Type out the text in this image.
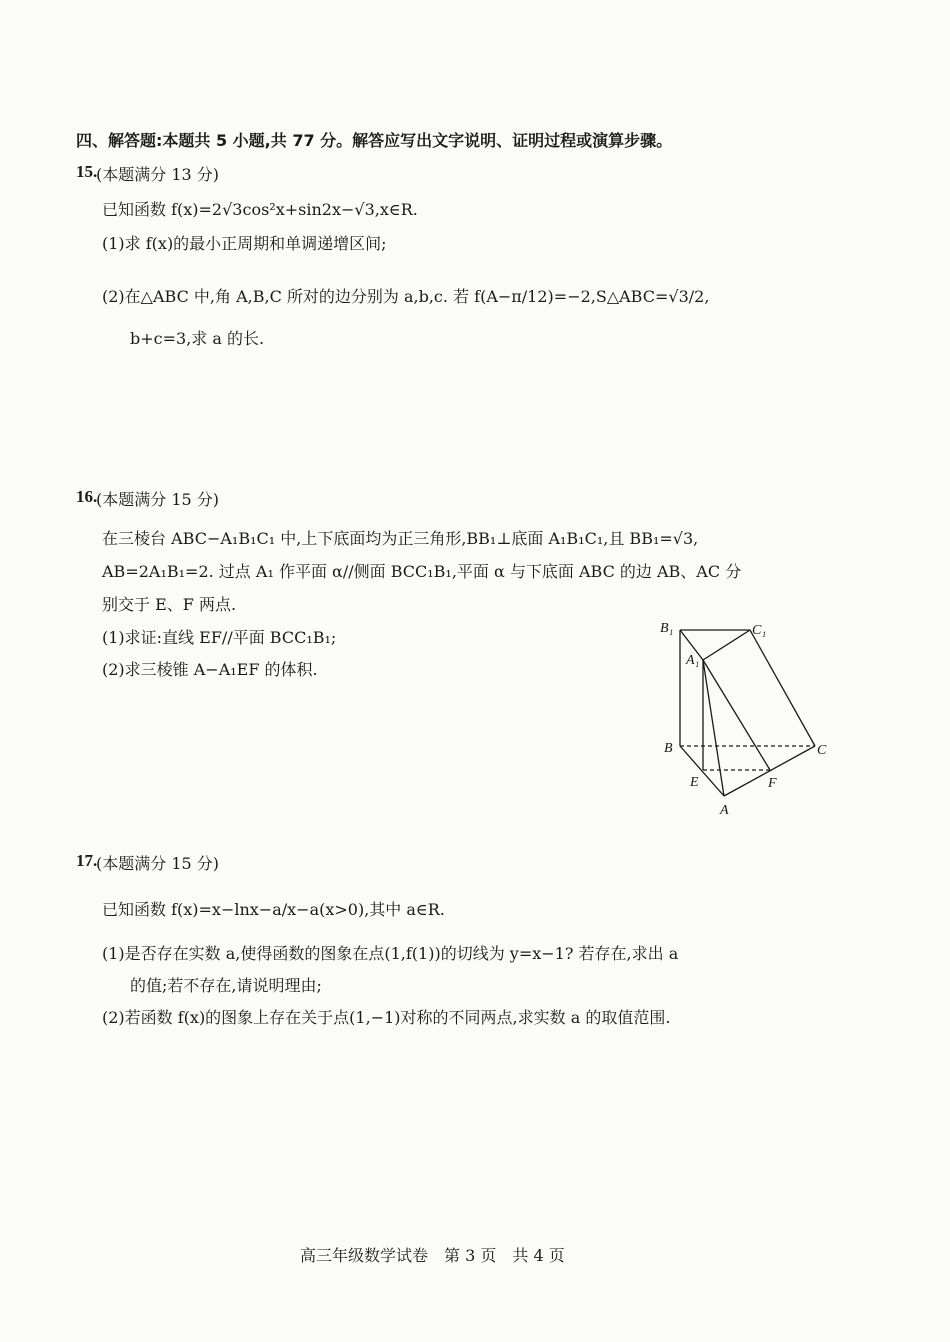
四、解答题:本题共 5 小题,共 77 分。解答应写出文字说明、证明过程或演算步骤。
15.
(本题满分 13 分)
已知函数 f(x)=2√3cos²x+sin2x−√3,x∈R.
(1)求 f(x)的最小正周期和单调递增区间;
(2)在△ABC 中,角 A,B,C 所对的边分别为 a,b,c. 若 f(A−π/12)=−2,S△ABC=√3/2,
b+c=3,求 a 的长.
16.
(本题满分 15 分)
在三棱台 ABC−A₁B₁C₁ 中,上下底面均为正三角形,BB₁⊥底面 A₁B₁C₁,且 BB₁=√3,
AB=2A₁B₁=2. 过点 A₁ 作平面 α//侧面 BCC₁B₁,平面 α 与下底面 ABC 的边 AB、AC 分
别交于 E、F 两点.
(1)求证:直线 EF//平面 BCC₁B₁;
(2)求三棱锥 A−A₁EF 的体积.
B₁	C₁
A₁
B	C
E	F
A
17.
(本题满分 15 分)
已知函数 f(x)=x−lnx−a/x−a(x>0),其中 a∈R.
(1)是否存在实数 a,使得函数的图象在点(1,f(1))的切线为 y=x−1? 若存在,求出 a
的值;若不存在,请说明理由;
(2)若函数 f(x)的图象上存在关于点(1,−1)对称的不同两点,求实数 a 的取值范围.
高三年级数学试卷　第 3 页　共 4 页
